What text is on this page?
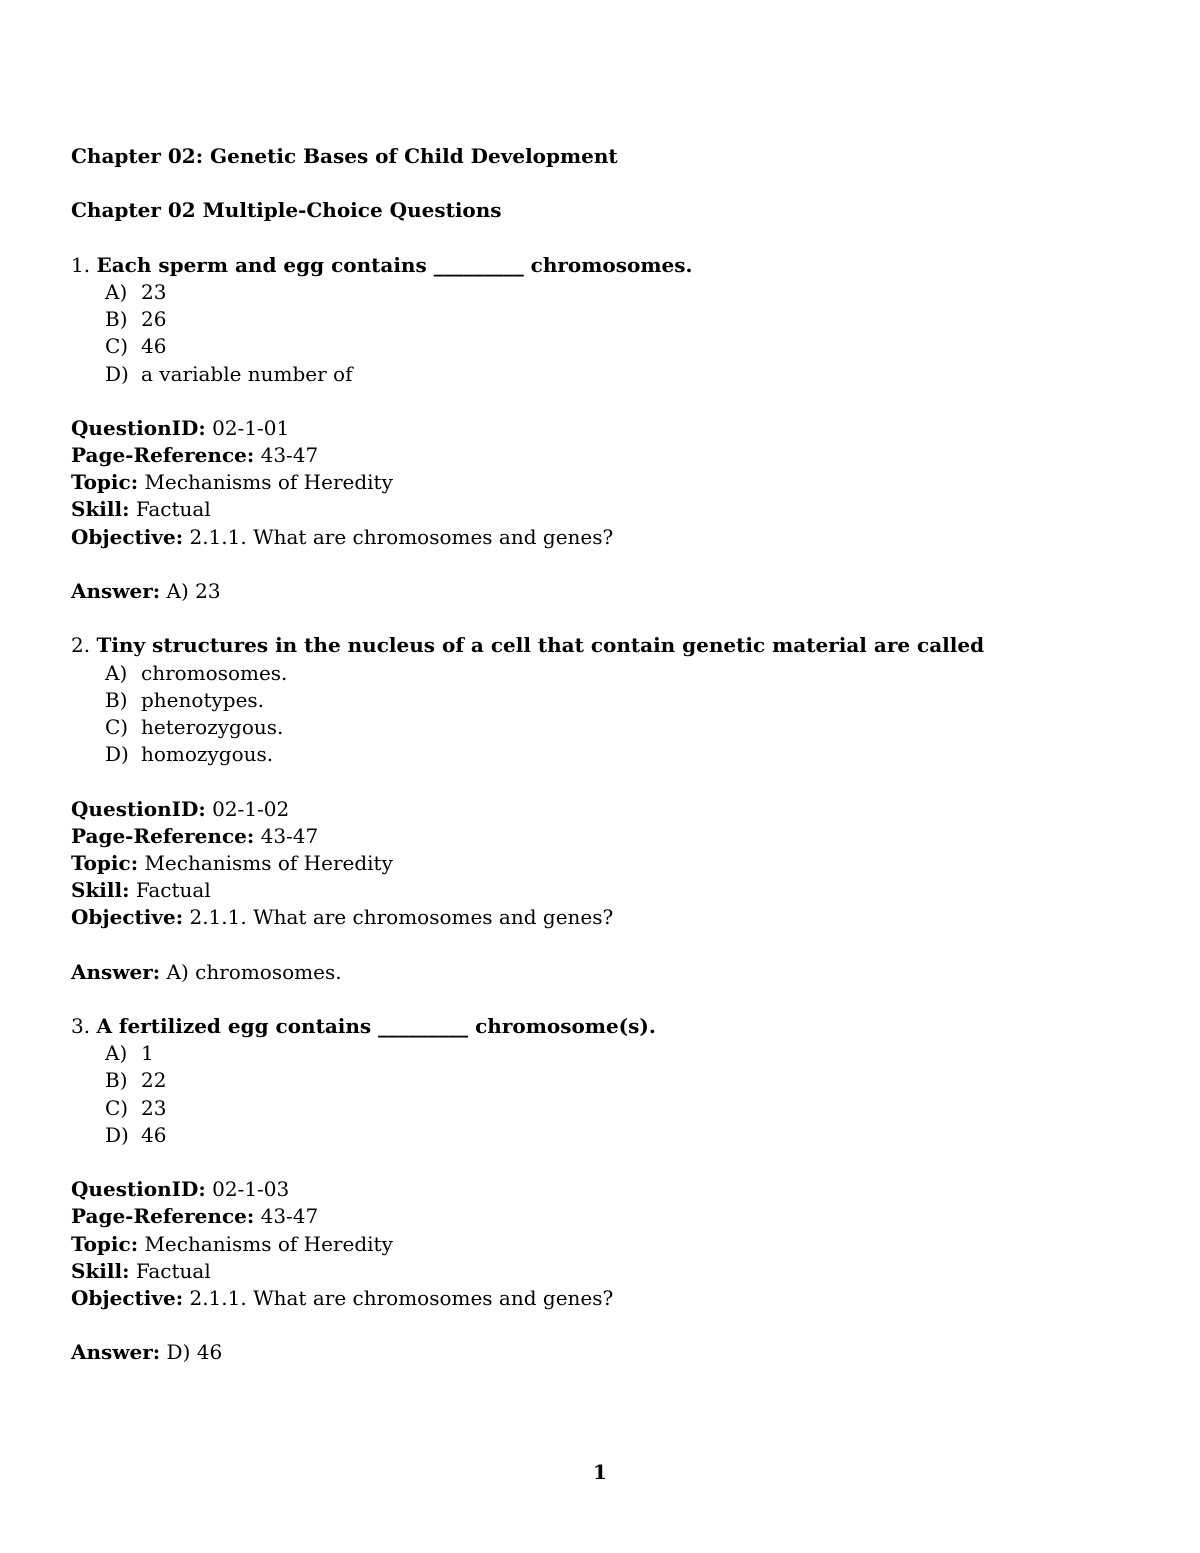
Chapter 02: Genetic Bases of Child Development
Chapter 02 Multiple-Choice Questions
1. Each sperm and egg contains _________ chromosomes.
A) 23
B) 26
C) 46
D) a variable number of
QuestionID: 02-1-01
Page-Reference: 43-47
Topic: Mechanisms of Heredity
Skill: Factual
Objective: 2.1.1. What are chromosomes and genes?
Answer: A) 23
2. Tiny structures in the nucleus of a cell that contain genetic material are called
A) chromosomes.
B) phenotypes.
C) heterozygous.
D) homozygous.
QuestionID: 02-1-02
Page-Reference: 43-47
Topic: Mechanisms of Heredity
Skill: Factual
Objective: 2.1.1. What are chromosomes and genes?
Answer: A) chromosomes.
3. A fertilized egg contains _________ chromosome(s).
A) 1
B) 22
C) 23
D) 46
QuestionID: 02-1-03
Page-Reference: 43-47
Topic: Mechanisms of Heredity
Skill: Factual
Objective: 2.1.1. What are chromosomes and genes?
Answer: D) 46
1
